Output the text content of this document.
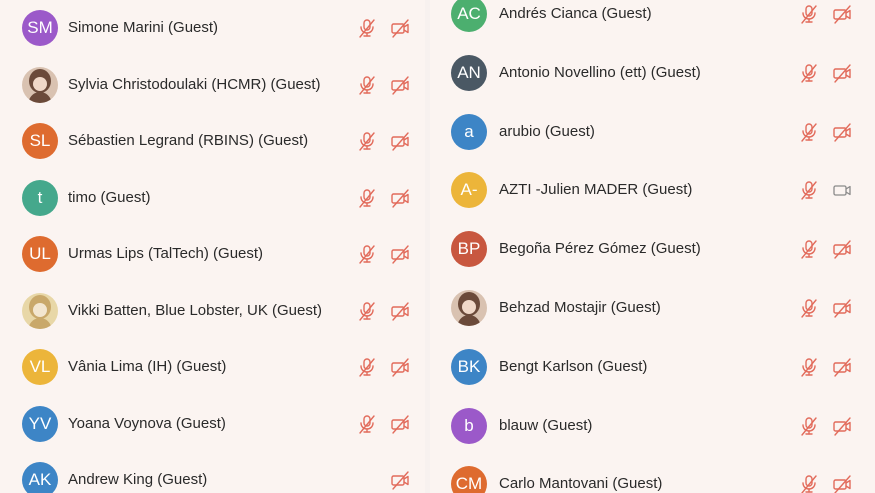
SM Simone Marini (Guest)
Sylvia Christodoulaki (HCMR) (Guest)
SL Sébastien Legrand (RBINS) (Guest)
t timo (Guest)
UL Urmas Lips (TalTech) (Guest)
Vikki Batten, Blue Lobster, UK (Guest)
VL Vânia Lima (IH) (Guest)
YV Yoana Voynova (Guest)
AK Andrew King (Guest)
AC Andrés Cianca (Guest)
AN Antonio Novellino (ett) (Guest)
a arubio (Guest)
A- AZTI -Julien MADER (Guest)
BP Begoña Pérez Gómez (Guest)
Behzad Mostajir (Guest)
BK Bengt Karlson (Guest)
b blauw (Guest)
CM Carlo Mantovani (Guest)
